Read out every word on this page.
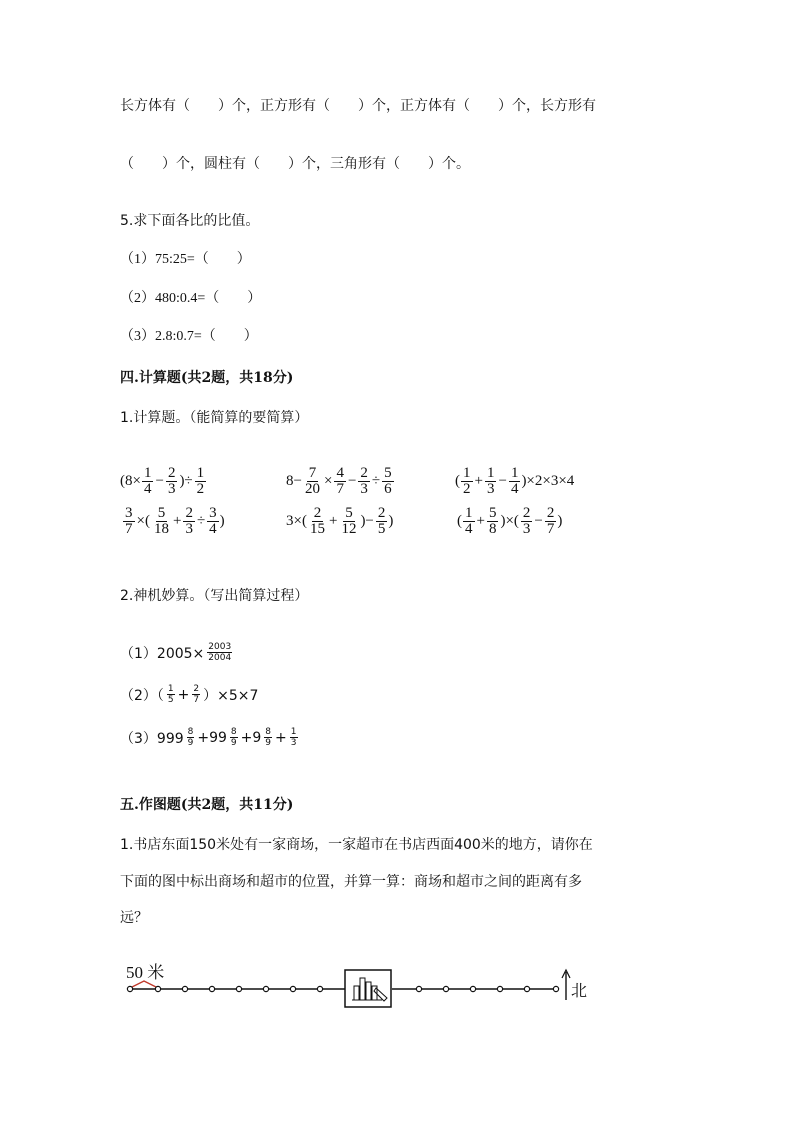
长方体有（　　）个，正方形有（　　）个，正方体有（　　）个，长方形有
（　　）个，圆柱有（　　）个，三角形有（　　）个。
5.求下面各比的比值。
（1）75:25=（　　）
（2）480:0.4=（　　）
（3）2.8:0.7=（　　）
四.计算题(共2题，共18分)
1.计算题。（能简算的要简算）
($8\times \frac{1}{4} - \frac{2}{3}$ )÷ $\frac{1}{2}$	$8- \frac{7}{20} \times \frac{4}{7} - \frac{2}{3} \div \frac{5}{6}$	( $\frac{1}{2} + \frac{1}{3} - \frac{1}{4} )\times 2\times 3\times 4$
$\frac{3}{7}$ ×( $\frac{5}{18} + \frac{2}{3} \div \frac{3}{4}$ )	$3\times( \frac{2}{15} + \frac{5}{12}$ )− $\frac{2}{5}$ )	( $\frac{1}{4} + \frac{5}{8}$ )×( $\frac{2}{3} - \frac{2}{7}$ )
2.神机妙算。（写出简算过程）
$(1)2005\times \frac{2003}{2004}$
$(2)( \frac{1}{5} + \frac{2}{7} )\times 5\times 7$
$(3)999 \frac{8}{9} +99 \frac{8}{9} +9 \frac{8}{9} + \frac{1}{3}$
五.作图题(共2题，共11分)
1.书店东面150米处有一家商场，一家超市在书店西面400米的地方，请你在
下面的图中标出商场和超市的位置，并算一算：商场和超市之间的距离有多
远？
50 米
北
